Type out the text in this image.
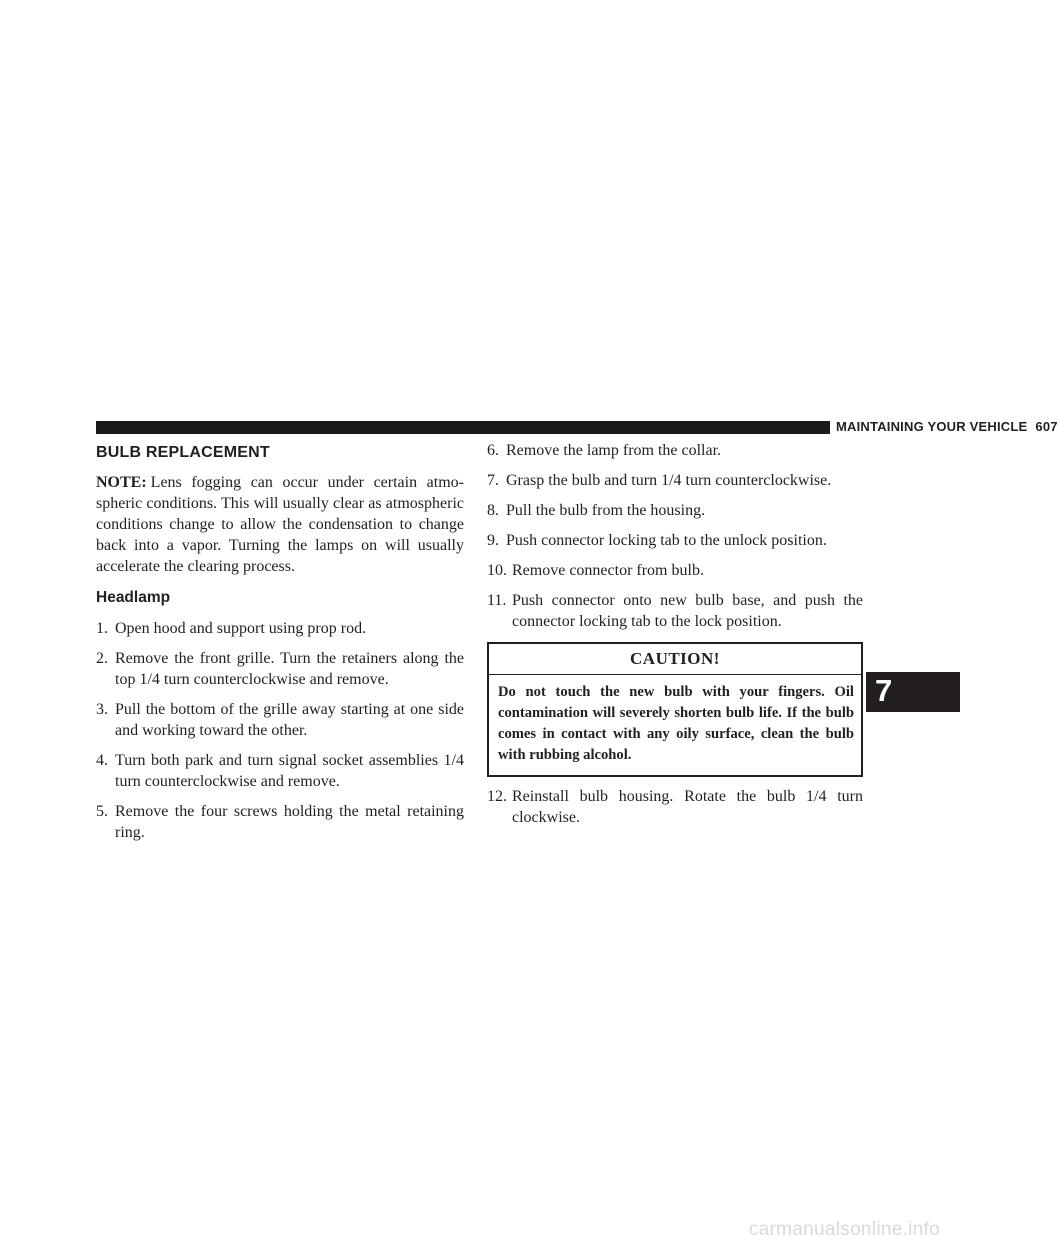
MAINTAINING YOUR VEHICLE 607
BULB REPLACEMENT

NOTE: Lens fogging can occur under certain atmo-spheric conditions. This will usually clear as atmospheric conditions change to allow the condensation to change back into a vapor. Turning the lamps on will usually accelerate the clearing process.

Headlamp
1. Open hood and support using prop rod.
2. Remove the front grille. Turn the retainers along the top 1/4 turn counterclockwise and remove.
3. Pull the bottom of the grille away starting at one side and working toward the other.
4. Turn both park and turn signal socket assemblies 1/4 turn counterclockwise and remove.
5. Remove the four screws holding the metal retaining ring.
6. Remove the lamp from the collar.
7. Grasp the bulb and turn 1/4 turn counterclockwise.
8. Pull the bulb from the housing.
9. Push connector locking tab to the unlock position.
10. Remove connector from bulb.
11. Push connector onto new bulb base, and push the connector locking tab to the lock position.
CAUTION!
Do not touch the new bulb with your fingers. Oil contamination will severely shorten bulb life. If the bulb comes in contact with any oily surface, clean the bulb with rubbing alcohol.
12. Reinstall bulb housing. Rotate the bulb 1/4 turn clockwise.
7
carmanualsonline.info
